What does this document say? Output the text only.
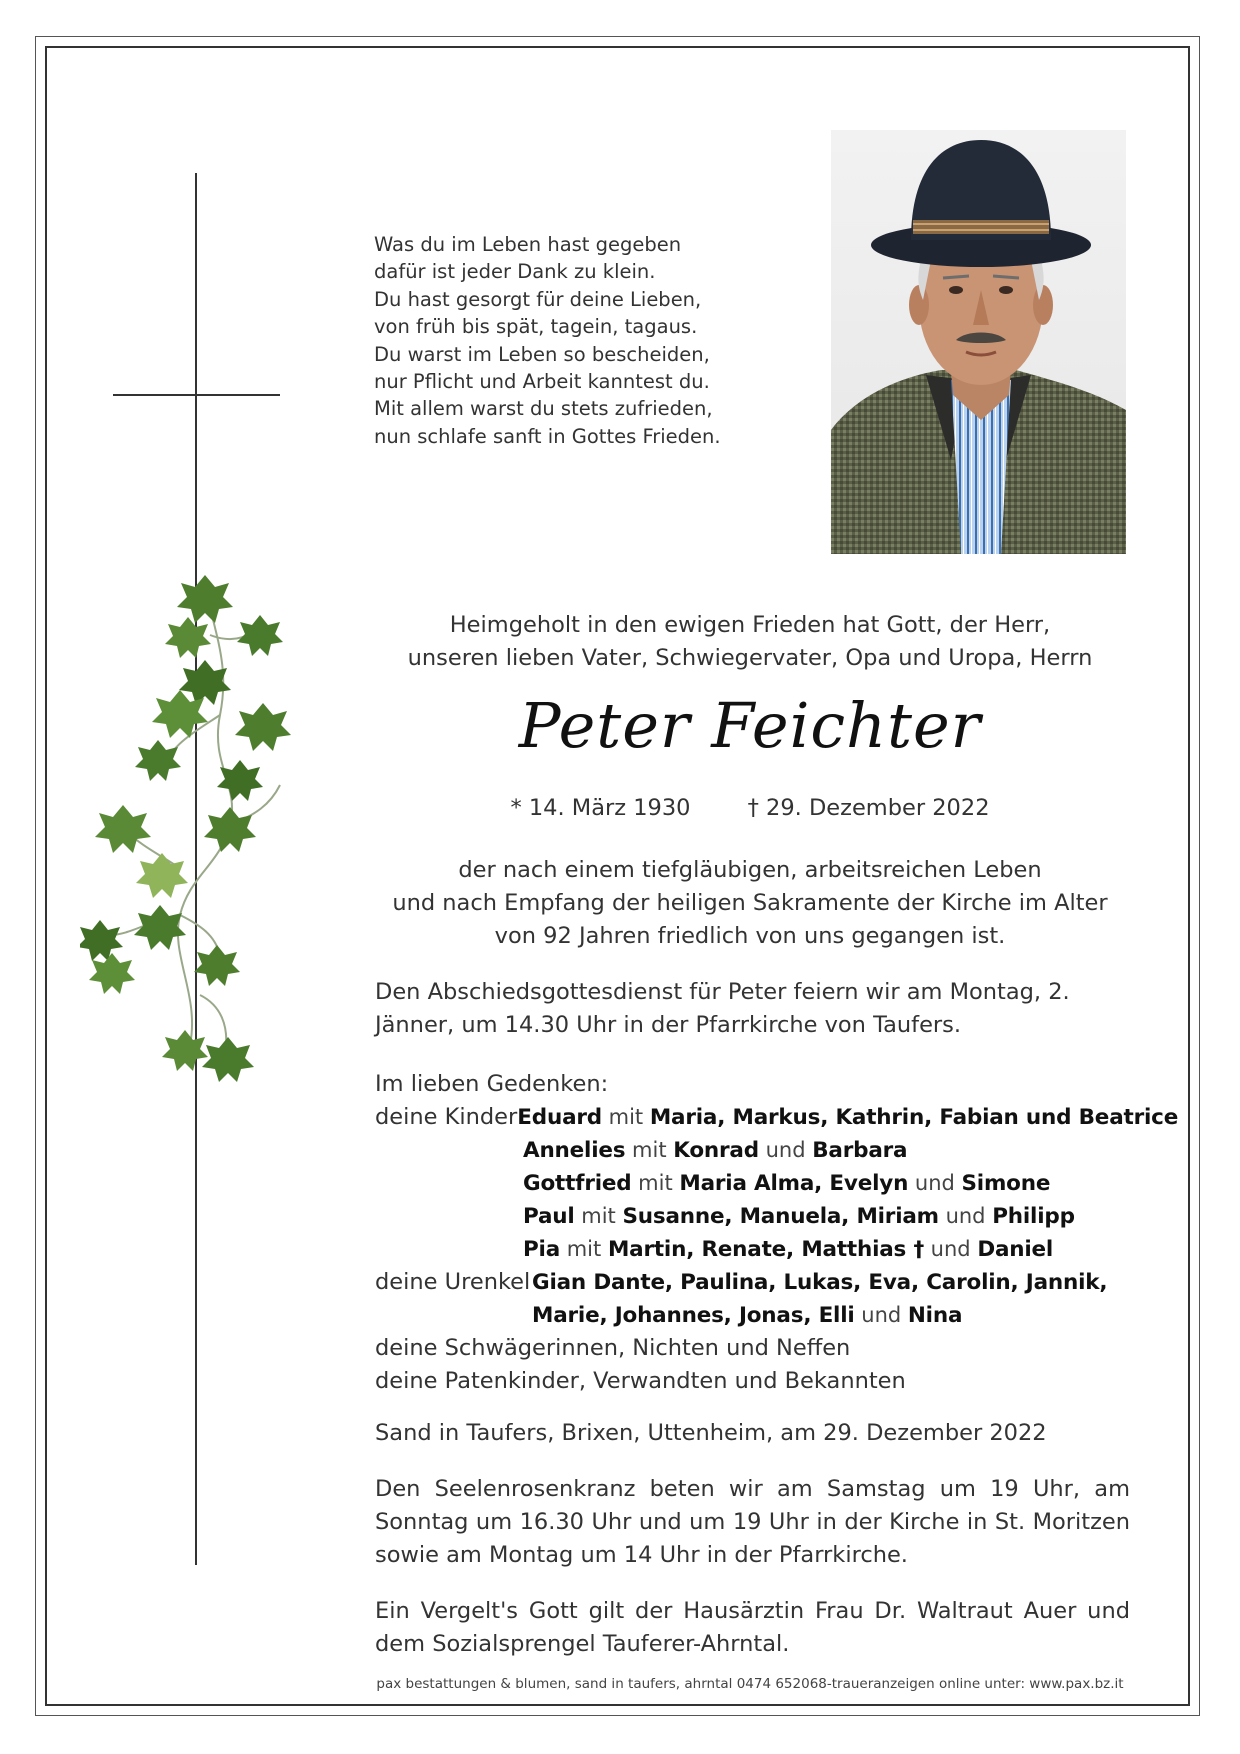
Was du im Leben hast gegeben
dafür ist jeder Dank zu klein.
Du hast gesorgt für deine Lieben,
von früh bis spät, tagein, tagaus.
Du warst im Leben so bescheiden,
nur Pflicht und Arbeit kanntest du.
Mit allem warst du stets zufrieden,
nun schlafe sanft in Gottes Frieden.
Heimgeholt in den ewigen Frieden hat Gott, der Herr,
unseren lieben Vater, Schwiegervater, Opa und Uropa, Herrn
Peter Feichter
* 14. März 1930	† 29. Dezember 2022
der nach einem tiefgläubigen, arbeitsreichen Leben
und nach Empfang der heiligen Sakramente der Kirche im Alter
von 92 Jahren friedlich von uns gegangen ist.
Den Abschiedsgottesdienst für Peter feiern wir am Montag, 2. Jänner, um 14.30 Uhr in der Pfarrkirche von Taufers.
Im lieben Gedenken:
deine Kinder Eduard mit Maria, Markus, Kathrin, Fabian und Beatrice
Annelies mit Konrad und Barbara
Gottfried mit Maria Alma, Evelyn und Simone
Paul mit Susanne, Manuela, Miriam und Philipp
Pia mit Martin, Renate, Matthias † und Daniel
deine Urenkel Gian Dante, Paulina, Lukas, Eva, Carolin, Jannik,
Marie, Johannes, Jonas, Elli und Nina
deine Schwägerinnen, Nichten und Neffen
deine Patenkinder, Verwandten und Bekannten
Sand in Taufers, Brixen, Uttenheim, am 29. Dezember 2022
Den Seelenrosenkranz beten wir am Samstag um 19 Uhr, am Sonntag um 16.30 Uhr und um 19 Uhr in der Kirche in St. Moritzen sowie am Montag um 14 Uhr in der Pfarrkirche.
Ein Vergelt's Gott gilt der Hausärztin Frau Dr. Waltraut Auer und dem Sozialsprengel Tauferer-Ahrntal.
pax bestattungen & blumen, sand in taufers, ahrntal 0474 652068-traueranzeigen online unter: www.pax.bz.it
